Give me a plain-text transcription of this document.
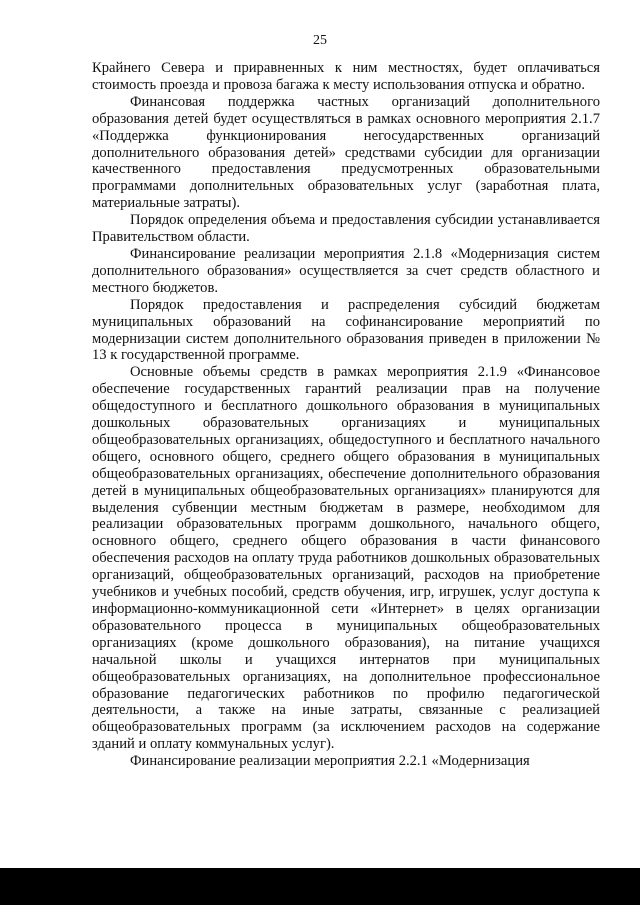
25

Крайнего Севера и приравненных к ним местностях, будет оплачиваться стоимость проезда и провоза багажа к месту использования отпуска и обратно.

Финансовая поддержка частных организаций дополнительного образования детей будет осуществляться в рамках основного мероприятия 2.1.7 «Поддержка функционирования негосударственных организаций дополнительного образования детей» средствами субсидии для организации качественного предоставления предусмотренных образовательными программами дополнительных образовательных услуг (заработная плата, материальные затраты).

Порядок определения объема и предоставления субсидии устанавливается Правительством области.

Финансирование реализации мероприятия 2.1.8 «Модернизация систем дополнительного образования» осуществляется за счет средств областного и местного бюджетов.

Порядок предоставления и распределения субсидий бюджетам муниципальных образований на софинансирование мероприятий по модернизации систем дополнительного образования приведен в приложении № 13 к государственной программе.

Основные объемы средств в рамках мероприятия 2.1.9 «Финансовое обеспечение государственных гарантий реализации прав на получение общедоступного и бесплатного дошкольного образования в муниципальных дошкольных образовательных организациях и муниципальных общеобразовательных организациях, общедоступного и бесплатного начального общего, основного общего, среднего общего образования в муниципальных общеобразовательных организациях, обеспечение дополнительного образования детей в муниципальных общеобразовательных организациях» планируются для выделения субвенции местным бюджетам в размере, необходимом для реализации образовательных программ дошкольного, начального общего, основного общего, среднего общего образования в части финансового обеспечения расходов на оплату труда работников дошкольных образовательных организаций, общеобразовательных организаций, расходов на приобретение учебников и учебных пособий, средств обучения, игр, игрушек, услуг доступа к информационно-коммуникационной сети «Интернет» в целях организации образовательного процесса в муниципальных общеобразовательных организациях (кроме дошкольного образования), на питание учащихся начальной школы и учащихся интернатов при муниципальных общеобразовательных организациях, на дополнительное профессиональное образование педагогических работников по профилю педагогической деятельности, а также на иные затраты, связанные с реализацией общеобразовательных программ (за исключением расходов на содержание зданий и оплату коммунальных услуг).

Финансирование реализации мероприятия 2.2.1 «Модернизация
